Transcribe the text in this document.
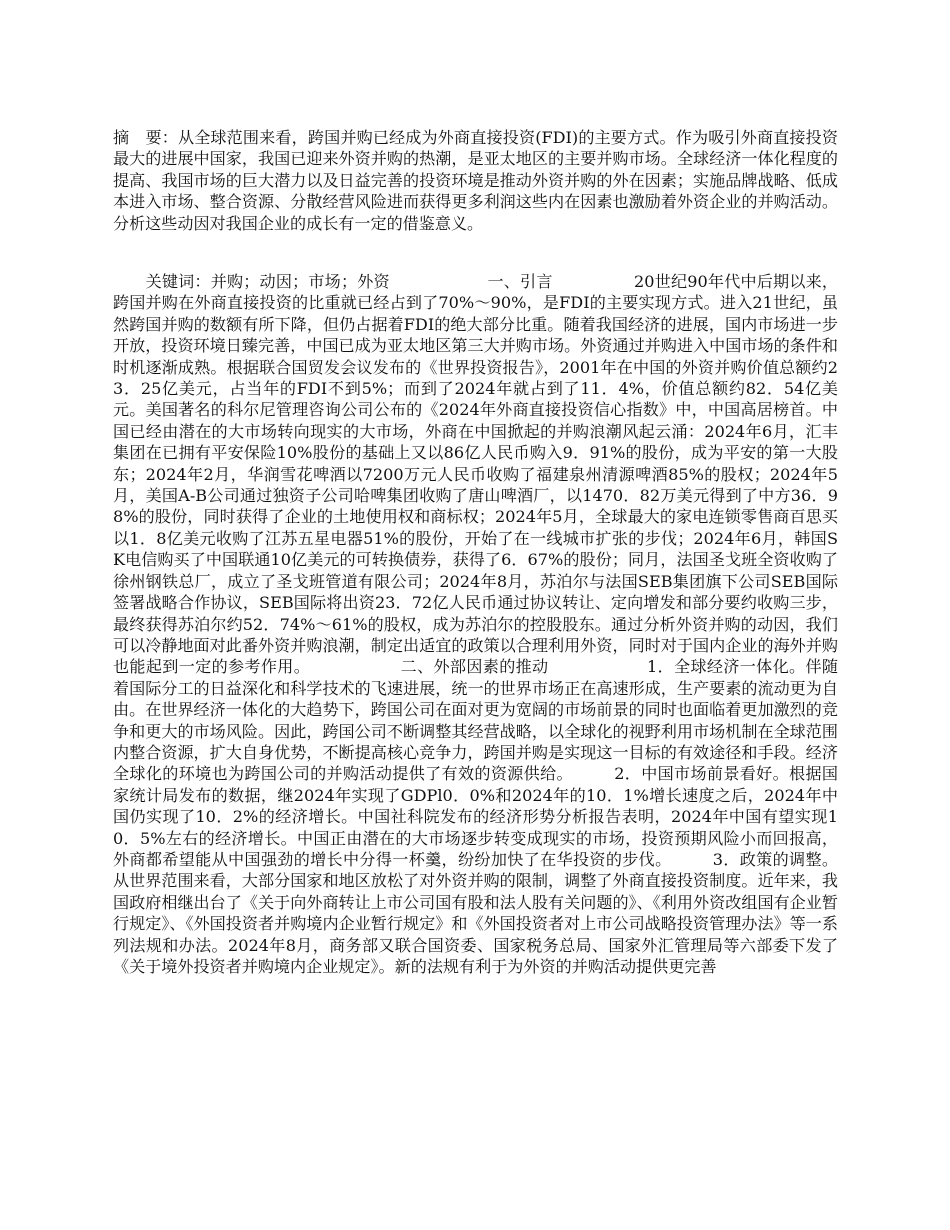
摘　要：从全球范围来看，跨国并购已经成为外商直接投资(FDI)的主要方式。作为吸引外商直接投资最大的进展中国家，我国已迎来外资并购的热潮，是亚太地区的主要并购市场。全球经济一体化程度的提高、我国市场的巨大潜力以及日益完善的投资环境是推动外资并购的外在因素；实施品牌战略、低成本进入市场、整合资源、分散经营风险进而获得更多利润这些内在因素也激励着外资企业的并购活动。分析这些动因对我国企业的成长有一定的借鉴意义。

　　关键词：并购；动因；市场；外资　　　　　　一、引言　　　　　20世纪90年代中后期以来，跨国并购在外商直接投资的比重就已经占到了70%～90%，是FDI的主要实现方式。进入21世纪，虽然跨国并购的数额有所下降，但仍占据着FDI的绝大部分比重。随着我国经济的进展，国内市场进一步开放，投资环境日臻完善，中国已成为亚太地区第三大并购市场。外资通过并购进入中国市场的条件和时机逐渐成熟。根据联合国贸发会议发布的《世界投资报告》，2001年在中国的外资并购价值总额约23．25亿美元，占当年的FDI不到5%；而到了2024年就占到了11．4%，价值总额约82．54亿美元。美国著名的科尔尼管理咨询公司公布的《2024年外商直接投资信心指数》中，中国高居榜首。中国已经由潜在的大市场转向现实的大市场，外商在中国掀起的并购浪潮风起云涌：2024年6月，汇丰集团在已拥有平安保险10%股份的基础上又以86亿人民币购入9．91%的股份，成为平安的第一大股东；2024年2月，华润雪花啤酒以7200万元人民币收购了福建泉州清源啤酒85%的股权；2024年5月，美国A-B公司通过独资子公司哈啤集团收购了唐山啤酒厂，以1470．82万美元得到了中方36．98%的股份，同时获得了企业的土地使用权和商标权；2024年5月，全球最大的家电连锁零售商百思买以1．8亿美元收购了江苏五星电器51%的股份，开始了在一线城市扩张的步伐；2024年6月，韩国SK电信购买了中国联通10亿美元的可转换债券，获得了6．67%的股份；同月，法国圣戈班全资收购了徐州钢铁总厂，成立了圣戈班管道有限公司；2024年8月，苏泊尔与法国SEB集团旗下公司SEB国际签署战略合作协议，SEB国际将出资23．72亿人民币通过协议转让、定向增发和部分要约收购三步，最终获得苏泊尔约52．74%～61%的股权，成为苏泊尔的控股股东。通过分析外资并购的动因，我们可以冷静地面对此番外资并购浪潮，制定出适宜的政策以合理利用外资，同时对于国内企业的海外并购也能起到一定的参考作用。　　　　　　二、外部因素的推动　　　　　　1．全球经济一体化。伴随着国际分工的日益深化和科学技术的飞速进展，统一的世界市场正在高速形成，生产要素的流动更为自由。在世界经济一体化的大趋势下，跨国公司在面对更为宽阔的市场前景的同时也面临着更加激烈的竞争和更大的市场风险。因此，跨国公司不断调整其经营战略，以全球化的视野利用市场机制在全球范围内整合资源，扩大自身优势，不断提高核心竞争力，跨国并购是实现这一目标的有效途径和手段。经济全球化的环境也为跨国公司的并购活动提供了有效的资源供给。　　　2．中国市场前景看好。根据国家统计局发布的数据，继2024年实现了GDPl0．0%和2024年的10．1%增长速度之后，2024年中国仍实现了10．2%的经济增长。中国社科院发布的经济形势分析报告表明，2024年中国有望实现10．5%左右的经济增长。中国正由潜在的大市场逐步转变成现实的市场，投资预期风险小而回报高，外商都希望能从中国强劲的增长中分得一杯羹，纷纷加快了在华投资的步伐。　　　3．政策的调整。从世界范围来看，大部分国家和地区放松了对外资并购的限制，调整了外商直接投资制度。近年来，我国政府相继出台了《关于向外商转让上市公司国有股和法人股有关问题的》、《利用外资改组国有企业暂行规定》、《外国投资者并购境内企业暂行规定》和《外国投资者对上市公司战略投资管理办法》等一系列法规和办法。2024年8月，商务部又联合国资委、国家税务总局、国家外汇管理局等六部委下发了《关于境外投资者并购境内企业规定》。新的法规有利于为外资的并购活动提供更完善
